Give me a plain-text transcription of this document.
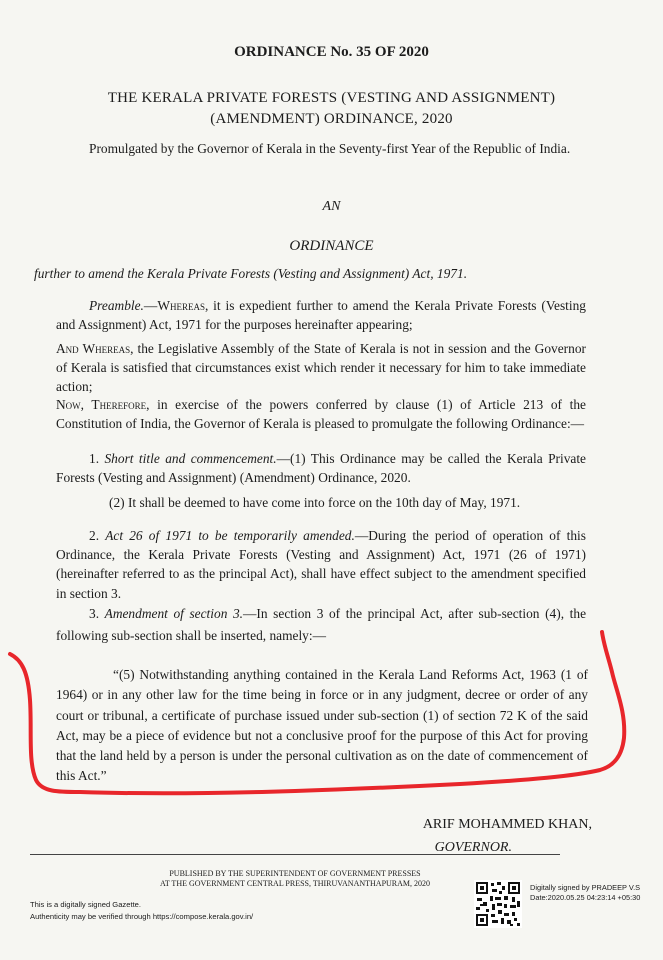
ORDINANCE No. 35 OF 2020

THE KERALA PRIVATE FORESTS (VESTING AND ASSIGNMENT)
(AMENDMENT) ORDINANCE, 2020

Promulgated by the Governor of Kerala in the Seventy-first Year of the Republic of India.

AN

ORDINANCE

further to amend the Kerala Private Forests (Vesting and Assignment) Act, 1971.

Preamble.—Whereas, it is expedient further to amend the Kerala Private Forests (Vesting and Assignment) Act, 1971 for the purposes hereinafter appearing;

And Whereas, the Legislative Assembly of the State of Kerala is not in session and the Governor of Kerala is satisfied that circumstances exist which render it necessary for him to take immediate action;

Now, Therefore, in exercise of the powers conferred by clause (1) of Article 213 of the Constitution of India, the Governor of Kerala is pleased to promulgate the following Ordinance:—

1. Short title and commencement.—(1) This Ordinance may be called the Kerala Private Forests (Vesting and Assignment) (Amendment) Ordinance, 2020.

(2) It shall be deemed to have come into force on the 10th day of May, 1971.

2. Act 26 of 1971 to be temporarily amended.—During the period of operation of this Ordinance, the Kerala Private Forests (Vesting and Assignment) Act, 1971 (26 of 1971) (hereinafter referred to as the principal Act), shall have effect subject to the amendment specified in section 3.

3. Amendment of section 3.—In section 3 of the principal Act, after sub-section (4), the following sub-section shall be inserted, namely:—

“(5) Notwithstanding anything contained in the Kerala Land Reforms Act, 1963 (1 of 1964) or in any other law for the time being in force or in any judgment, decree or order of any court or tribunal, a certificate of purchase issued under sub-section (1) of section 72 K of the said Act, may be a piece of evidence but not a conclusive proof for the purpose of this Act for proving that the land held by a person is under the personal cultivation as on the date of commencement of this Act.”

ARIF MOHAMMED KHAN,

GOVERNOR.

PUBLISHED BY THE SUPERINTENDENT OF GOVERNMENT PRESSES
AT THE GOVERNMENT CENTRAL PRESS, THIRUVANANTHAPURAM, 2020
This is a digitally signed Gazette.
Authenticity may be verified through https://compose.kerala.gov.in/
Digitally signed by PRADEEP V.S
Date:2020.05.25 04:23:14 +05:30
